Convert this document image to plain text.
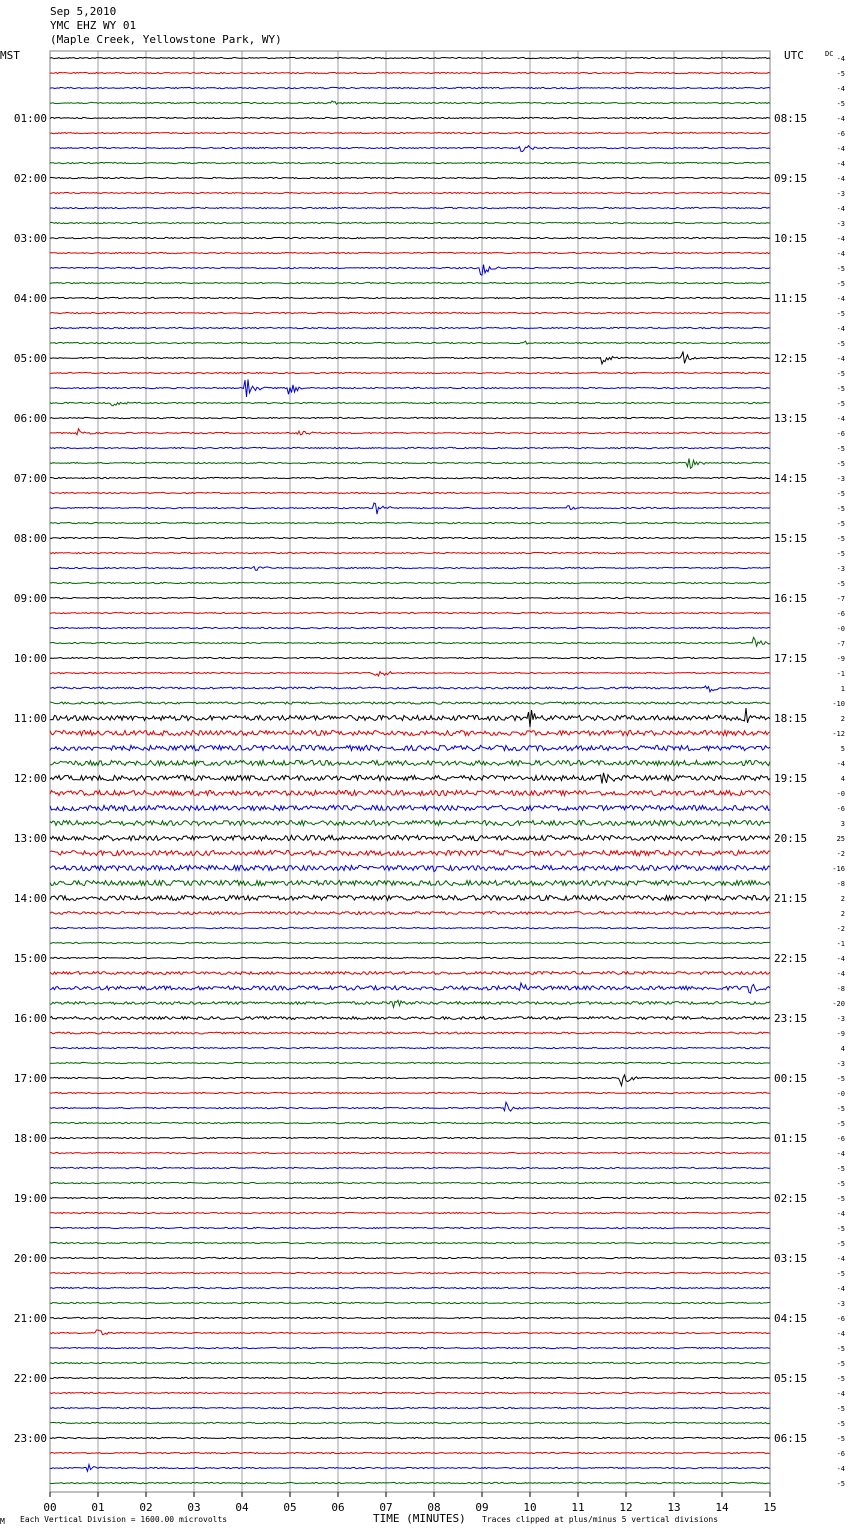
Sep 5,2010
YMC EHZ WY 01
(Maple Creek, Yellowstone Park, WY)
MST	UTC	DC
01:00
02:00
03:00
04:00
05:00
06:00
07:00
08:00
09:00
10:00
11:00
12:00
13:00
14:00
15:00
16:00
17:00
18:00
19:00
20:00
21:00
22:00
23:00
08:15
09:15
10:15
11:15
12:15
13:15
14:15
15:15
16:15
17:15
18:15
19:15
20:15
21:15
22:15
23:15
00:15
01:15
02:15
03:15
04:15
05:15
06:15
-4
-5
-4
-5
-4
-6
-4
-4
-4
-3
-4
-3
-4
-4
-5
-5
-4
-5
-4
-5
-4
-5
-5
-5
-4
-6
-5
-5
-3
-5
-5
-5
-5
-5
-3
-5
-7
-6
-0
-7
-9
-1
1
-10
2
-12
5
-4
4
-0
-6
3
25
-2
-16
-8
2
2
-2
-1
-4
-4
-8
-20
-3
-9
4
-3
-5
-0
-5
-5
-6
-4
-5
-5
-5
-4
-5
-5
-4
-5
-4
-3
-6
-4
-5
-5
-5
-4
-5
-5
-5
-6
-4
-5
00	01	02	03	04	05	06	07	08	09	10	11	12	13	14	15
M Each Vertical Division = 1600.00 microvolts	TIME (MINUTES) Traces clipped at plus/minus 5 vertical divisions
